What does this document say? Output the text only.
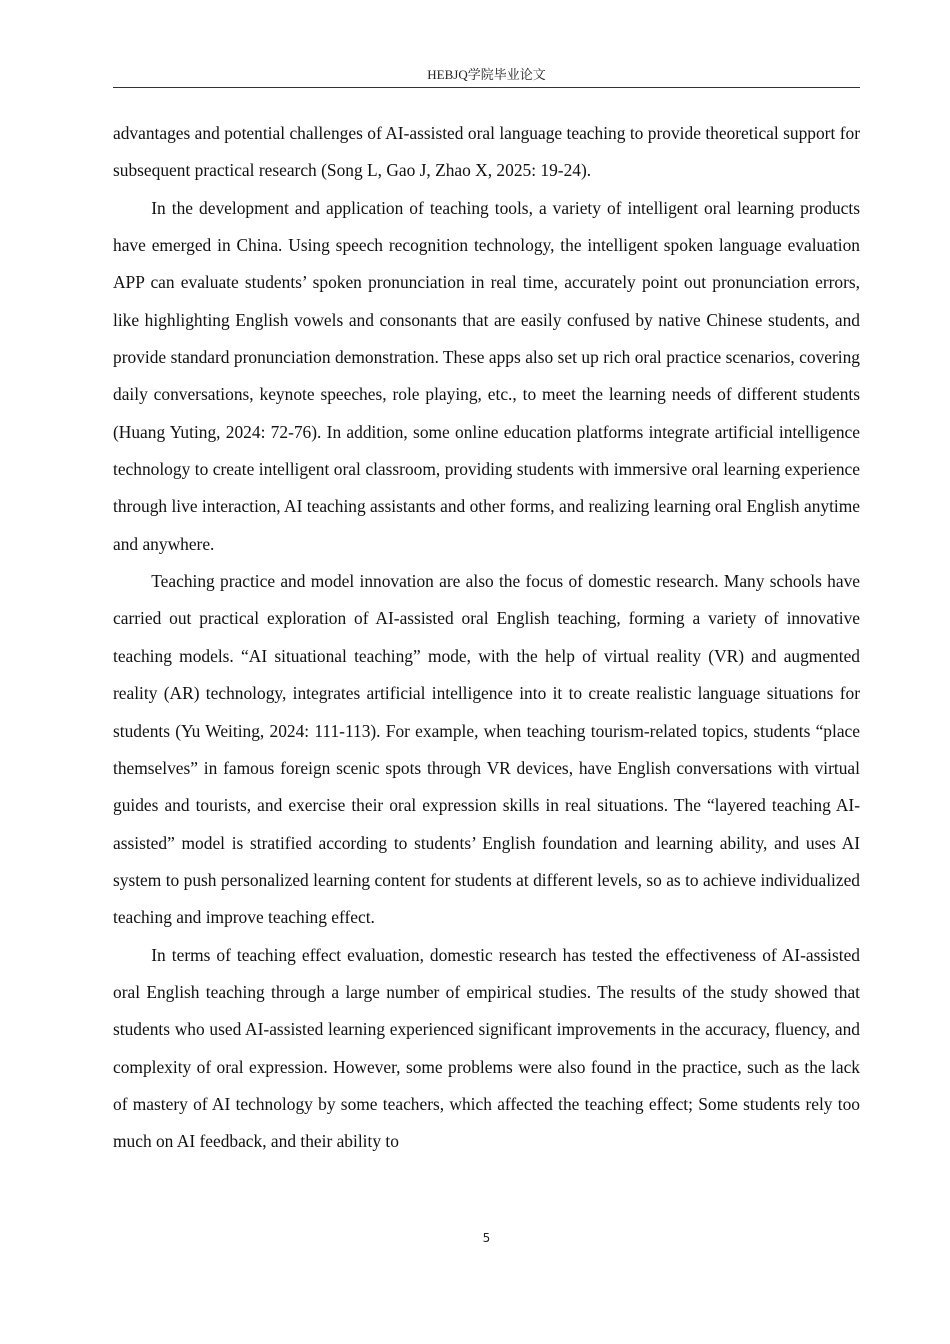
HEBJQ学院毕业论文

advantages and potential challenges of AI-assisted oral language teaching to provide theoretical support for subsequent practical research (Song L, Gao J, Zhao X, 2025: 19-24).

In the development and application of teaching tools, a variety of intelligent oral learning products have emerged in China. Using speech recognition technology, the intelligent spoken language evaluation APP can evaluate students’ spoken pronunciation in real time, accurately point out pronunciation errors, like highlighting English vowels and consonants that are easily confused by native Chinese students, and provide standard pronunciation demonstration. These apps also set up rich oral practice scenarios, covering daily conversations, keynote speeches, role playing, etc., to meet the learning needs of different students (Huang Yuting, 2024: 72-76). In addition, some online education platforms integrate artificial intelligence technology to create intelligent oral classroom, providing students with immersive oral learning experience through live interaction, AI teaching assistants and other forms, and realizing learning oral English anytime and anywhere.

Teaching practice and model innovation are also the focus of domestic research. Many schools have carried out practical exploration of AI-assisted oral English teaching, forming a variety of innovative teaching models. “AI situational teaching” mode, with the help of virtual reality (VR) and augmented reality (AR) technology, integrates artificial intelligence into it to create realistic language situations for students (Yu Weiting, 2024: 111-113). For example, when teaching tourism-related topics, students “place themselves” in famous foreign scenic spots through VR devices, have English conversations with virtual guides and tourists, and exercise their oral expression skills in real situations. The “layered teaching AI-assisted” model is stratified according to students’ English foundation and learning ability, and uses AI system to push personalized learning content for students at different levels, so as to achieve individualized teaching and improve teaching effect.

In terms of teaching effect evaluation, domestic research has tested the effectiveness of AI-assisted oral English teaching through a large number of empirical studies. The results of the study showed that students who used AI-assisted learning experienced significant improvements in the accuracy, fluency, and complexity of oral expression. However, some problems were also found in the practice, such as the lack of mastery of AI technology by some teachers, which affected the teaching effect; Some students rely too much on AI feedback, and their ability to

5
